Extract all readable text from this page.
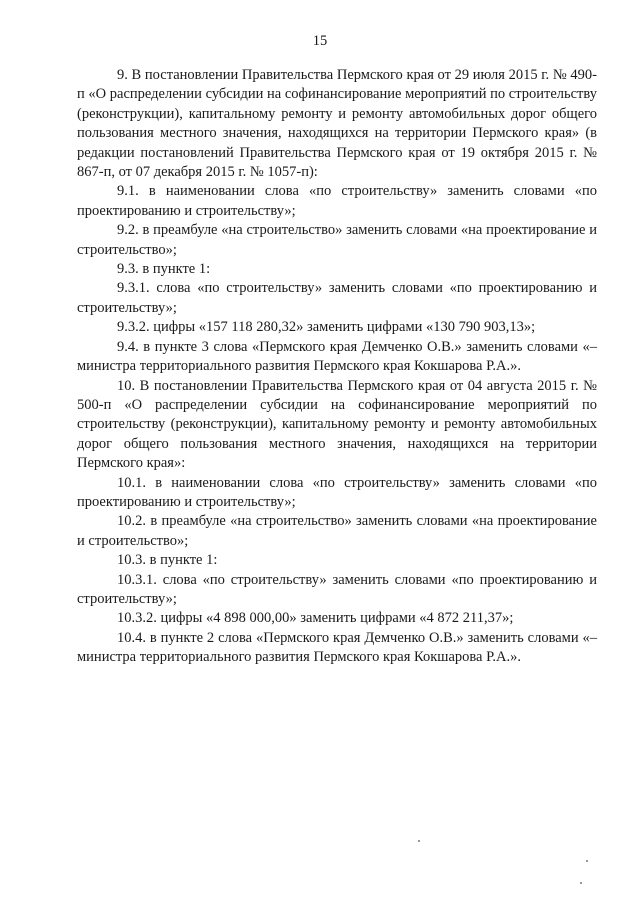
15

9. В постановлении Правительства Пермского края от 29 июля 2015 г. № 490-п «О распределении субсидии на софинансирование мероприятий по строительству (реконструкции), капитальному ремонту и ремонту автомобильных дорог общего пользования местного значения, находящихся на территории Пермского края» (в редакции постановлений Правительства Пермского края от 19 октября 2015 г. № 867-п, от 07 декабря 2015 г. № 1057-п):

9.1. в наименовании слова «по строительству» заменить словами «по проектированию и строительству»;

9.2. в преамбуле «на строительство» заменить словами «на проектирование и строительство»;

9.3. в пункте 1:

9.3.1. слова «по строительству» заменить словами «по проектированию и строительству»;

9.3.2. цифры «157 118 280,32» заменить цифрами «130 790 903,13»;

9.4. в пункте 3 слова «Пермского края Демченко О.В.» заменить словами «– министра территориального развития Пермского края Кокшарова Р.А.».

10. В постановлении Правительства Пермского края от 04 августа 2015 г. № 500-п «О распределении субсидии на софинансирование мероприятий по строительству (реконструкции), капитальному ремонту и ремонту автомобильных дорог общего пользования местного значения, находящихся на территории Пермского края»:

10.1. в наименовании слова «по строительству» заменить словами «по проектированию и строительству»;

10.2. в преамбуле «на строительство» заменить словами «на проектирование и строительство»;

10.3. в пункте 1:

10.3.1. слова «по строительству» заменить словами «по проектированию и строительству»;

10.3.2. цифры «4 898 000,00» заменить цифрами «4 872 211,37»;

10.4. в пункте 2 слова «Пермского края Демченко О.В.» заменить словами «– министра территориального развития Пермского края Кокшарова Р.А.».
